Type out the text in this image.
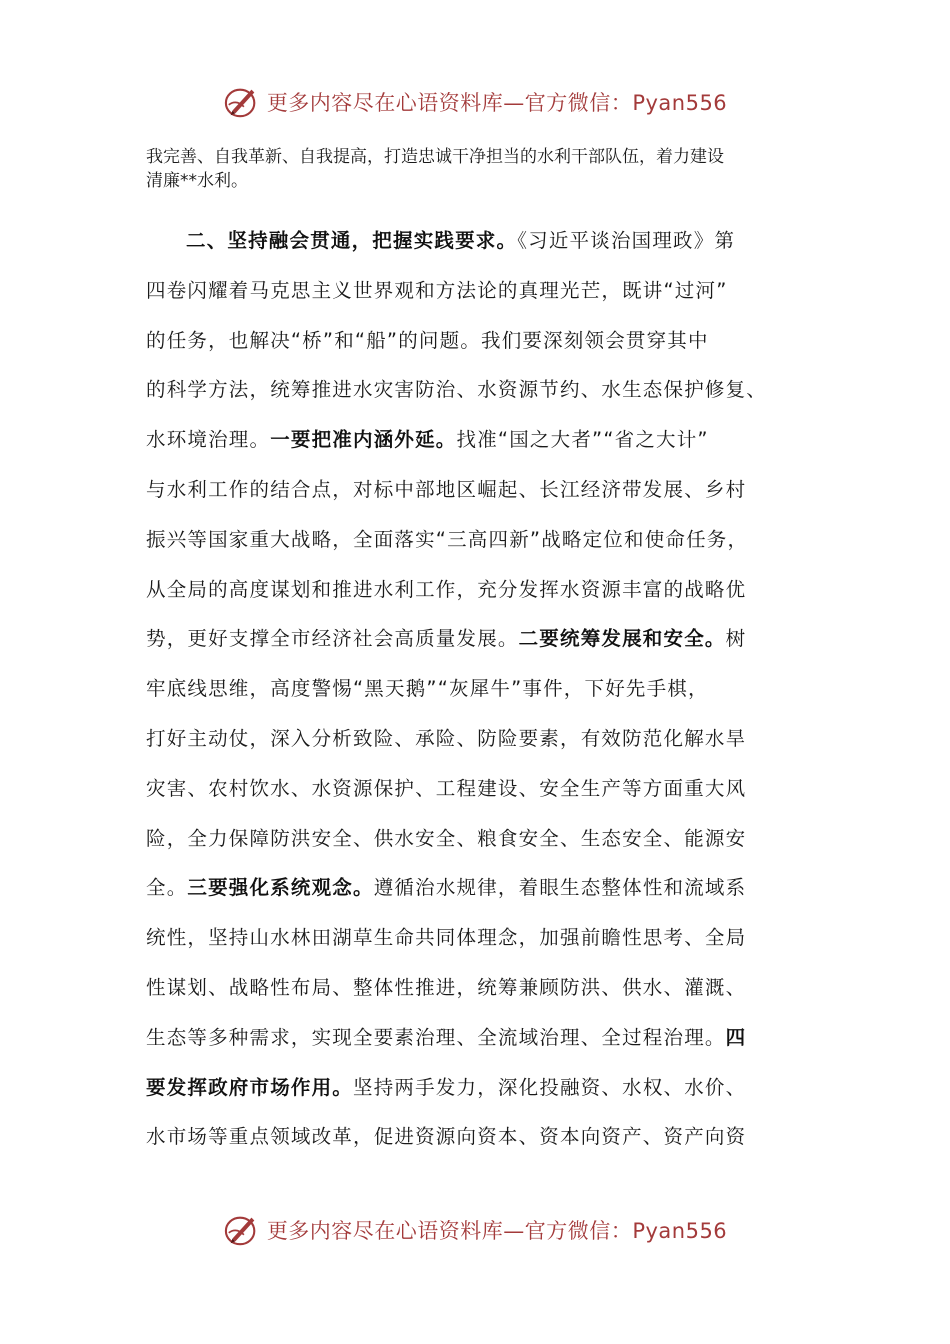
更多内容尽在心语资料库—官方微信：Pyan556
我完善、自我革新、自我提高，打造忠诚干净担当的水利干部队伍，着力建设
清廉**水利。
二、坚持融会贯通，把握实践要求。《习近平谈治国理政》第
四卷闪耀着马克思主义世界观和方法论的真理光芒，既讲“过河”
的任务，也解决“桥”和“船”的问题。我们要深刻领会贯穿其中
的科学方法，统筹推进水灾害防治、水资源节约、水生态保护修复、
水环境治理。一要把准内涵外延。找准“国之大者”“省之大计”
与水利工作的结合点，对标中部地区崛起、长江经济带发展、乡村
振兴等国家重大战略，全面落实“三高四新”战略定位和使命任务，
从全局的高度谋划和推进水利工作，充分发挥水资源丰富的战略优
势，更好支撑全市经济社会高质量发展。二要统筹发展和安全。树
牢底线思维，高度警惕“黑天鹅”“灰犀牛”事件，下好先手棋，
打好主动仗，深入分析致险、承险、防险要素，有效防范化解水旱
灾害、农村饮水、水资源保护、工程建设、安全生产等方面重大风
险，全力保障防洪安全、供水安全、粮食安全、生态安全、能源安
全。三要强化系统观念。遵循治水规律，着眼生态整体性和流域系
统性，坚持山水林田湖草生命共同体理念，加强前瞻性思考、全局
性谋划、战略性布局、整体性推进，统筹兼顾防洪、供水、灌溉、
生态等多种需求，实现全要素治理、全流域治理、全过程治理。四
要发挥政府市场作用。坚持两手发力，深化投融资、水权、水价、
水市场等重点领域改革，促进资源向资本、资本向资产、资产向资
更多内容尽在心语资料库—官方微信：Pyan556
